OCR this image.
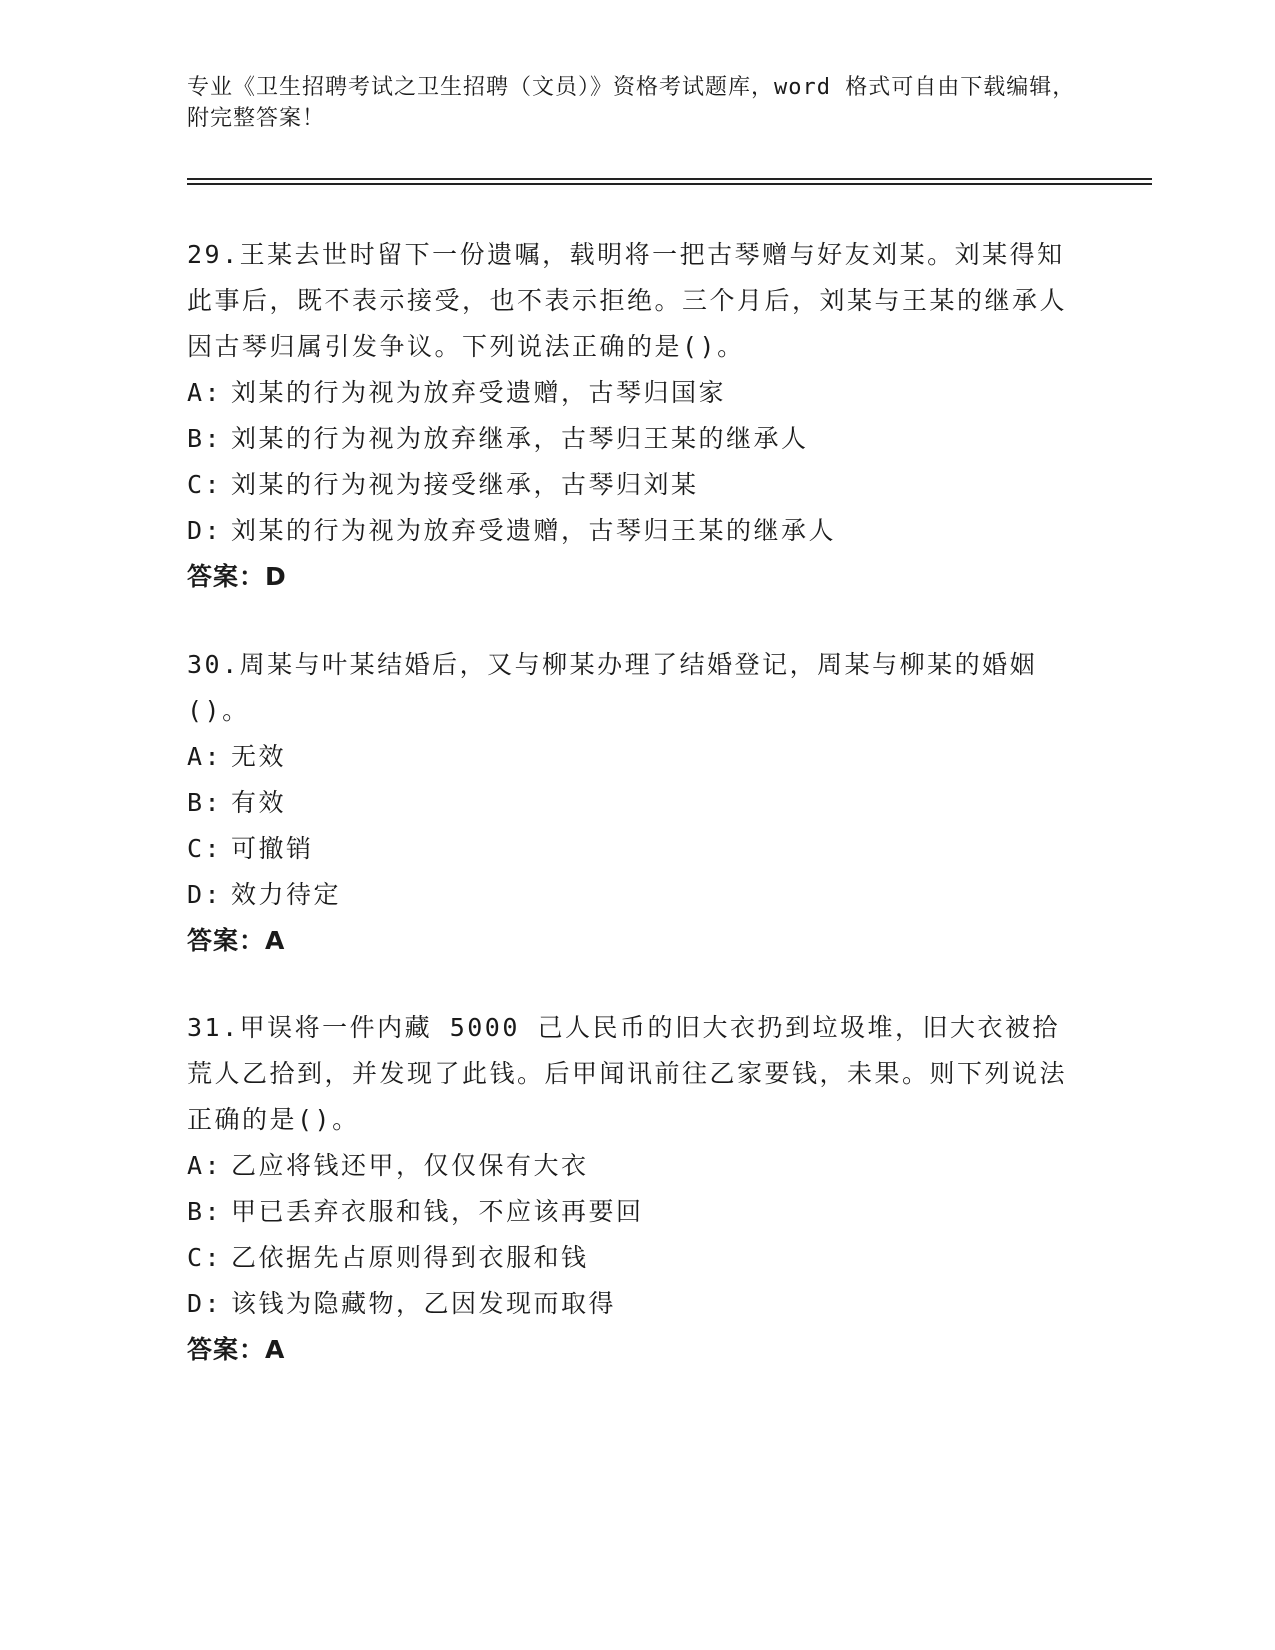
专业《卫生招聘考试之卫生招聘（文员）》资格考试题库，word 格式可自由下载编辑，附完整答案！

29.王某去世时留下一份遗嘱，载明将一把古琴赠与好友刘某。刘某得知此事后，既不表示接受，也不表示拒绝。三个月后，刘某与王某的继承人因古琴归属引发争议。下列说法正确的是()。

A: 刘某的行为视为放弃受遗赠，古琴归国家

B: 刘某的行为视为放弃继承，古琴归王某的继承人

C: 刘某的行为视为接受继承，古琴归刘某

D: 刘某的行为视为放弃受遗赠，古琴归王某的继承人

答案：D

30.周某与叶某结婚后，又与柳某办理了结婚登记，周某与柳某的婚姻()。

A: 无效

B: 有效

C: 可撤销

D: 效力待定

答案：A

31.甲误将一件内藏 5000 己人民币的旧大衣扔到垃圾堆，旧大衣被拾荒人乙拾到，并发现了此钱。后甲闻讯前往乙家要钱，未果。则下列说法正确的是()。

A: 乙应将钱还甲，仅仅保有大衣

B: 甲已丢弃衣服和钱，不应该再要回

C: 乙依据先占原则得到衣服和钱

D: 该钱为隐藏物，乙因发现而取得

答案：A
